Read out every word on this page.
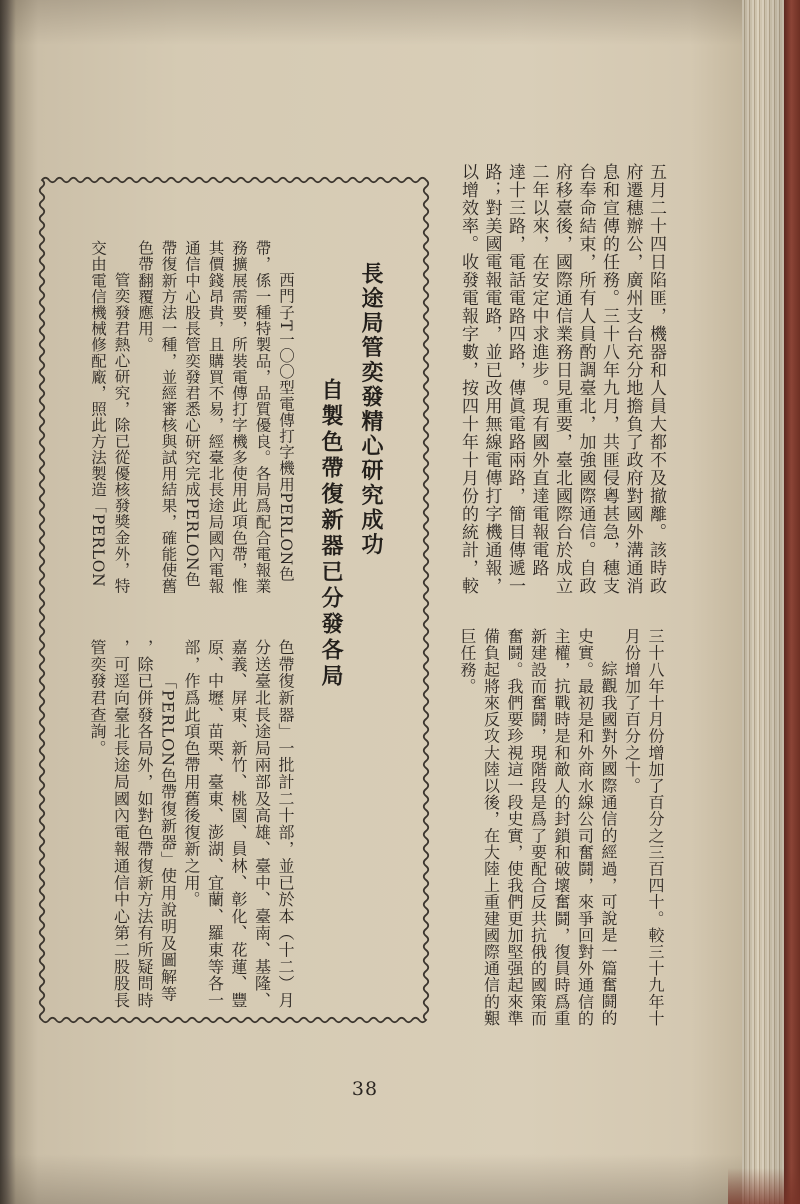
五月二十四日陷匪，機器和人員大都不及撤離。該時政
府遷穗辦公，廣州支台充分地擔負了政府對國外溝通消
息和宣傳的任務。三十八年九月，共匪侵粵甚急，穗支
台奉命結束，所有人員酌調臺北，加強國際通信。自政
府移臺後，國際通信業務日見重要，臺北國際台於成立
二年以來，在安定中求進步。現有國外直達電報電路
達十三路，電話電路四路，傳眞電路兩路，簡目傳遞一
路；對美國電報電路，並已改用無線電傳打字機通報，
以增效率。收發電報字數，按四十年十月份的統計，較
三十八年十月份增加了百分之三百四十。較三十九年十
月份增加了百分之十。
綜觀我國對外國際通信的經過，可說是一篇奮鬪的
史實。最初是和外商水線公司奮鬪，來爭回對外通信的
主權，抗戰時是和敵人的封鎖和破壞奮鬪，復員時爲重
新建設而奮鬪，現階段是爲了要配合反共抗俄的國策而
奮鬪。我們要珍視這一段史實，使我們更加堅强起來準
備負起將來反攻大陸以後，在大陸上重建國際通信的艱
巨任務。
長途局管奕發精心研究成功
自製色帶復新器已分發各局
西門子T一〇〇型電傳打字機用PERLON色
帶，係一種特製品，品質優良。各局爲配合電報業
務擴展需要，所裝電傳打字機多使用此項色帶，惟
其價錢昂貴，且購買不易，經臺北長途局國內電報
通信中心股長管奕發君悉心研究完成PERLON色
帶復新方法一種，並經審核與試用結果，確能使舊
色帶翻覆應用。
管奕發君熱心研究，除已從優核發獎金外，特
交由電信機械修配廠，照此方法製造「PERLON
色帶復新器」一批計二十部，並已於本（十二）月
分送臺北長途局兩部及高雄、臺中、臺南、基隆、
嘉義、屏東、新竹、桃園、員林、彰化、花蓮、豐
原、中壢、苗栗、臺東、澎湖、宜蘭、羅東等各一
部，作爲此項色帶用舊後復新之用。
「PERLON色帶復新器」使用說明及圖解等
，除已併發各局外，如對色帶復新方法有所疑問時
，可逕向臺北長途局國內電報通信中心第二股股長
管奕發君查詢。
38
